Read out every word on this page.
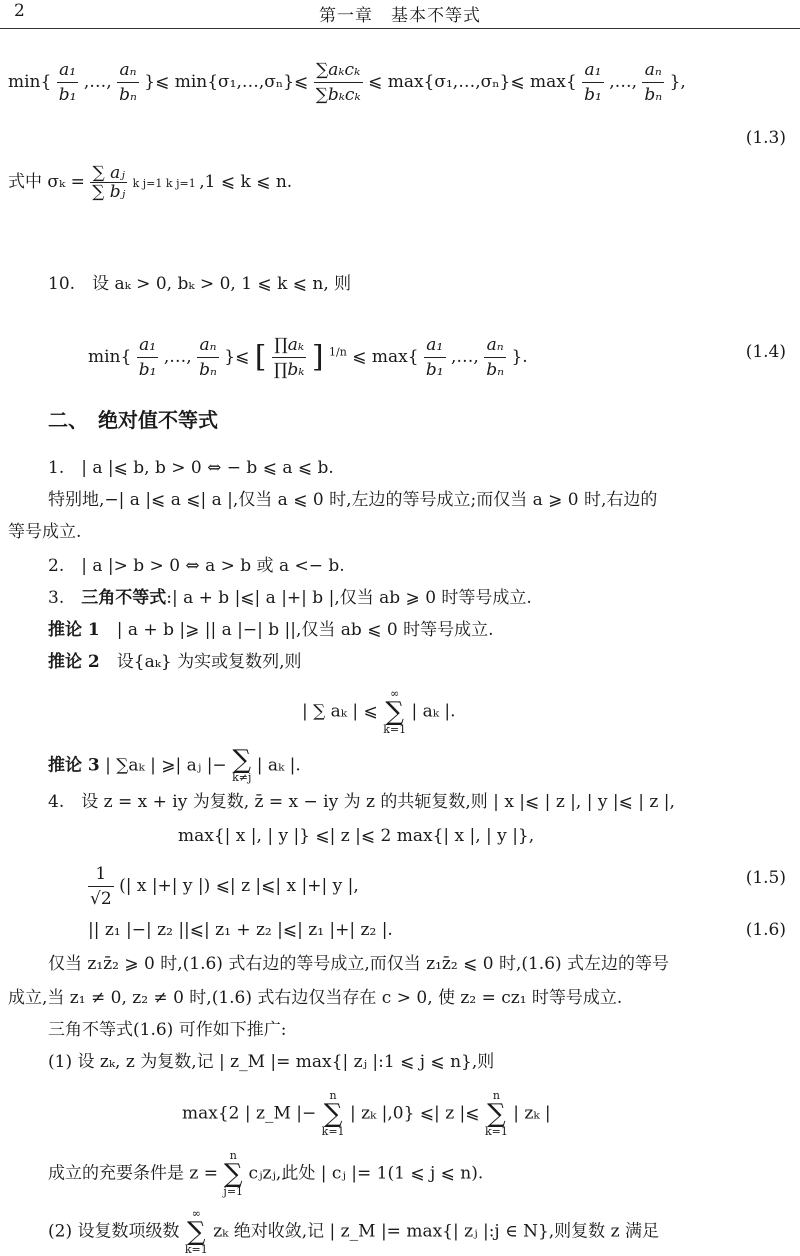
2	第一章　基本不等式
$\min\{ \frac{\text{a₁}}{\text{b₁}}$ ,…, $\frac{\text{aₙ}}{\text{bₙ}}$ }⩽ min{σ₁,…,σₙ}⩽ $\frac{\text{∑aₖcₖ}}{\text{∑bₖcₖ}}$ ⩽ max{σ₁,…,σₙ}⩽ $\max\{ \frac{\text{a₁}}{\text{b₁}}$ ,…, $\frac{\text{aₙ}}{\text{bₙ}}$ },
(1.3)
式中 $\sigma_k = \frac{\text{∑ aⱼ}}{\text{∑ bⱼ}}$ k j=1 k j=1 ,1 ⩽ k ⩽ n.
10.　设 aₖ > 0, bₖ > 0, 1 ⩽ k ⩽ n, 则
$\min\{ \frac{\text{a₁}}{\text{b₁}}$ ,…, $\frac{\text{aₙ}}{\text{bₙ}}$ }⩽ [ $\frac{\text{∏aₖ}}{\text{∏bₖ}}$ ] $^{1/n}$ ⩽ $\max\{ \frac{\text{a₁}}{\text{b₁}}$ ,…, $\frac{\text{aₙ}}{\text{bₙ}}$ }.	(1.4)
二、　绝对值不等式
1.　| a |⩽ b, b > 0 ⇔ − b ⩽ a ⩽ b.
特别地,−| a |⩽ a ⩽| a |,仅当 a ⩽ 0 时,左边的等号成立;而仅当 a ⩾ 0 时,右边的
等号成立.
2.　| a |> b > 0 ⇔ a > b 或 a <− b.
3.　三角不等式:| a + b |⩽| a |+| b |,仅当 ab ⩾ 0 时等号成立.
推论 1　| a + b |⩾ || a |−| b ||,仅当 ab ⩽ 0 时等号成立.
推论 2　设{aₖ} 为实或复数列,则
| ∑ aₖ | ⩽
∞
∑
k=1
| aₖ |.
推论 3 | ∑aₖ | ⩾| aⱼ |− ∑
k≠j
| aₖ |.
4.　设 z = x + iy 为复数, z̄ = x − iy 为 z 的共轭复数,则 | x |⩽ | z |, | y |⩽ | z |,
max{| x |, | y |} ⩽| z |⩽ 2 max{| x |, | y |},
$\frac{1}{√2}$ (| x |+| y |) ⩽| z |⩽| x |+| y |,	(1.5)
|| z₁ |−| z₂ ||⩽| z₁ + z₂ |⩽| z₁ |+| z₂ |.	(1.6)
仅当 z₁z̄₂ ⩾ 0 时,(1.6) 式右边的等号成立,而仅当 z₁z̄₂ ⩽ 0 时,(1.6) 式左边的等号
成立,当 z₁ ≠ 0, z₂ ≠ 0 时,(1.6) 式右边仅当存在 c > 0, 使 z₂ = cz₁ 时等号成立.
三角不等式(1.6) 可作如下推广:
(1) 设 zₖ, z 为复数,记 | z_M |= max{| zⱼ |:1 ⩽ j ⩽ n},则
max{2 | z_M |−
n
∑
k=1
| zₖ |,0} ⩽| z |⩽
n
∑
k=1
| zₖ |
成立的充要条件是 z =
n
∑
j=1
cⱼzⱼ,此处 | cⱼ |= 1(1 ⩽ j ⩽ n).
(2) 设复数项级数
∞
∑
k=1
zₖ 绝对收敛,记 | z_M |= max{| zⱼ |:j ∈ N},则复数 z 满足
